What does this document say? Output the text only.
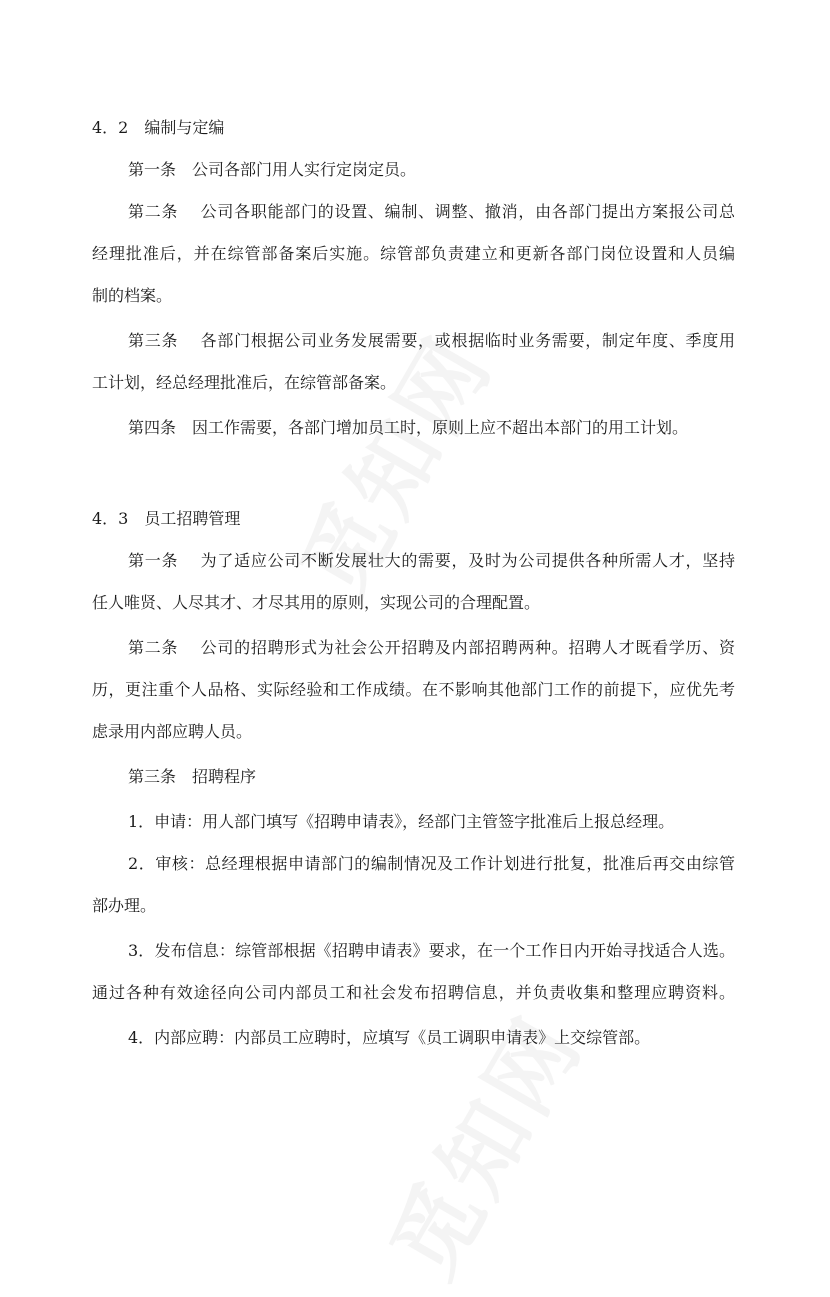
4．2　编制与定编
第一条　公司各部门用人实行定岗定员。
第二条　 公司各职能部门的设置、编制、调整、撤消，由各部门提出方案报公司总
经理批准后，并在综管部备案后实施。综管部负责建立和更新各部门岗位设置和人员编
制的档案。
第三条　 各部门根据公司业务发展需要，或根据临时业务需要，制定年度、季度用
工计划，经总经理批准后，在综管部备案。
第四条　因工作需要，各部门增加员工时，原则上应不超出本部门的用工计划。
4．3　员工招聘管理
第一条　 为了适应公司不断发展壮大的需要，及时为公司提供各种所需人才，坚持
任人唯贤、人尽其才、才尽其用的原则，实现公司的合理配置。
第二条　 公司的招聘形式为社会公开招聘及内部招聘两种。招聘人才既看学历、资
历，更注重个人品格、实际经验和工作成绩。在不影响其他部门工作的前提下，应优先考
虑录用内部应聘人员。
第三条　招聘程序
1．申请：用人部门填写《招聘申请表》，经部门主管签字批准后上报总经理。
2．审核：总经理根据申请部门的编制情况及工作计划进行批复，批准后再交由综管
部办理。
3．发布信息：综管部根据《招聘申请表》要求，在一个工作日内开始寻找适合人选。
通过各种有效途径向公司内部员工和社会发布招聘信息，并负责收集和整理应聘资料。
4．内部应聘：内部员工应聘时，应填写《员工调职申请表》上交综管部。
